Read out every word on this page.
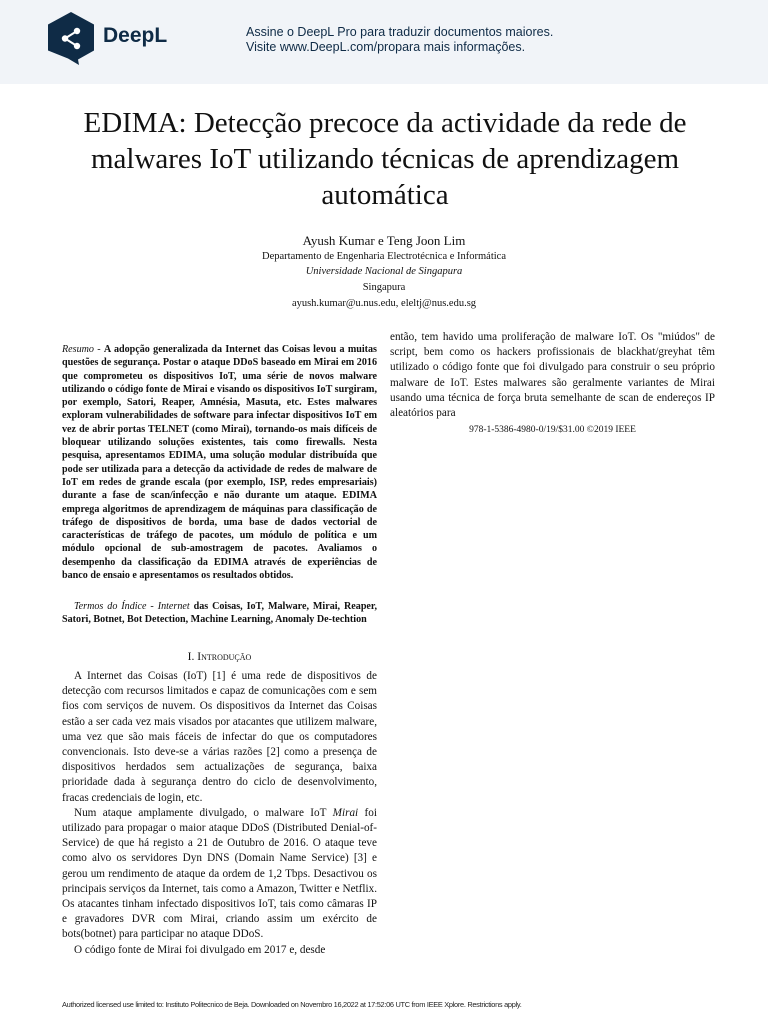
DeepL	Assine o DeepL Pro para traduzir documentos maiores.
Visite www.DeepL.com/propara mais informações.
EDIMA: Detecção precoce da actividade da rede de malwares IoT utilizando técnicas de aprendizagem automática
Ayush Kumar e Teng Joon Lim
Departamento de Engenharia Electrotécnica e Informática
Universidade Nacional de Singapura
Singapura
ayush.kumar@u.nus.edu, eleltj@nus.edu.sg
Resumo - A adopção generalizada da Internet das Coisas levou a muitas questões de segurança. Postar o ataque DDoS baseado em Mirai em 2016 que comprometeu os dispositivos IoT, uma série de novos malware utilizando o código fonte de Mirai e visando os dispositivos IoT surgiram, por exemplo, Satori, Reaper, Amnésia, Masuta, etc. Estes malwares exploram vulnerabilidades de software para infectar dispositivos IoT em vez de abrir portas TELNET (como Mirai), tornando-os mais difíceis de bloquear utilizando soluções existentes, tais como firewalls. Nesta pesquisa, apresentamos EDIMA, uma solução modular distribuída que pode ser utilizada para a detecção da actividade de redes de malware de IoT em redes de grande escala (por exemplo, ISP, redes empresariais) durante a fase de scan/infecção e não durante um ataque. EDIMA emprega algoritmos de aprendizagem de máquinas para classificação de tráfego de dispositivos de borda, uma base de dados vectorial de características de tráfego de pacotes, um módulo de política e um módulo opcional de sub-amostragem de pacotes. Avaliamos o desempenho da classificação da EDIMA através de experiências de banco de ensaio e apresentamos os resultados obtidos.
Termos do Índice - Internet das Coisas, IoT, Malware, Mirai, Reaper, Satori, Botnet, Bot Detection, Machine Learning, Anomaly De-techtion
I. Introdução

A Internet das Coisas (IoT) [1] é uma rede de dispositivos de detecção com recursos limitados e capaz de comunicações com e sem fios com serviços de nuvem. Os dispositivos da Internet das Coisas estão a ser cada vez mais visados por atacantes que utilizem malware, uma vez que são mais fáceis de infectar do que os computadores convencionais. Isto deve-se a várias razões [2] como a presença de dispositivos herdados sem actualizações de segurança, baixa prioridade dada à segurança dentro do ciclo de desenvolvimento, fracas credenciais de login, etc.

Num ataque amplamente divulgado, o malware IoT Mirai foi utilizado para propagar o maior ataque DDoS (Distributed Denial-of- Service) de que há registo a 21 de Outubro de 2016. O ataque teve como alvo os servidores Dyn DNS (Domain Name Service) [3] e gerou um rendimento de ataque da ordem de 1,2 Tbps. Desactivou os principais serviços da Internet, tais como a Amazon, Twitter e Netflix. Os atacantes tinham infectado dispositivos IoT, tais como câmaras IP e gravadores DVR com Mirai, criando assim um exército de bots(botnet) para participar no ataque DDoS.

O código fonte de Mirai foi divulgado em 2017 e, desde

então, tem havido uma proliferação de malware IoT. Os "miúdos" de script, bem como os hackers profissionais de blackhat/greyhat têm utilizado o código fonte que foi divulgado para construir o seu próprio malware de IoT. Estes malwares são geralmente variantes de Mirai usando uma técnica de força bruta semelhante de scan de endereços IP aleatórios para
978-1-5386-4980-0/19/$31.00 ©2019 IEEE
Authorized licensed use limited to: Instituto Politecnico de Beja. Downloaded on Novembro 16,2022 at 17:52:06 UTC from IEEE Xplore. Restrictions apply.
